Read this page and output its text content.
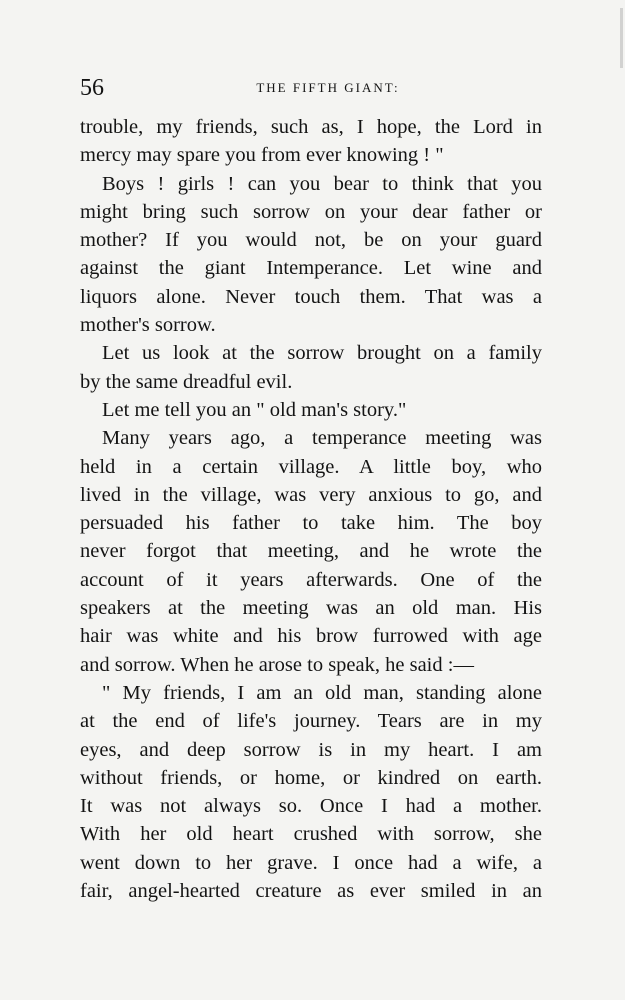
56	THE FIFTH GIANT:
trouble, my friends, such as, I hope, the Lord in
mercy may spare you from ever knowing ! "
Boys ! girls ! can you bear to think that you
might bring such sorrow on your dear father or
mother? If you would not, be on your guard
against the giant Intemperance. Let wine and
liquors alone. Never touch them. That was a
mother's sorrow.
Let us look at the sorrow brought on a family
by the same dreadful evil.
Let me tell you an " old man's story."
Many years ago, a temperance meeting was
held in a certain village. A little boy, who
lived in the village, was very anxious to go, and
persuaded his father to take him. The boy
never forgot that meeting, and he wrote the
account of it years afterwards. One of the
speakers at the meeting was an old man. His
hair was white and his brow furrowed with age
and sorrow. When he arose to speak, he said :—
" My friends, I am an old man, standing alone
at the end of life's journey. Tears are in my
eyes, and deep sorrow is in my heart. I am
without friends, or home, or kindred on earth.
It was not always so. Once I had a mother.
With her old heart crushed with sorrow, she
went down to her grave. I once had a wife, a
fair, angel-hearted creature as ever smiled in an
